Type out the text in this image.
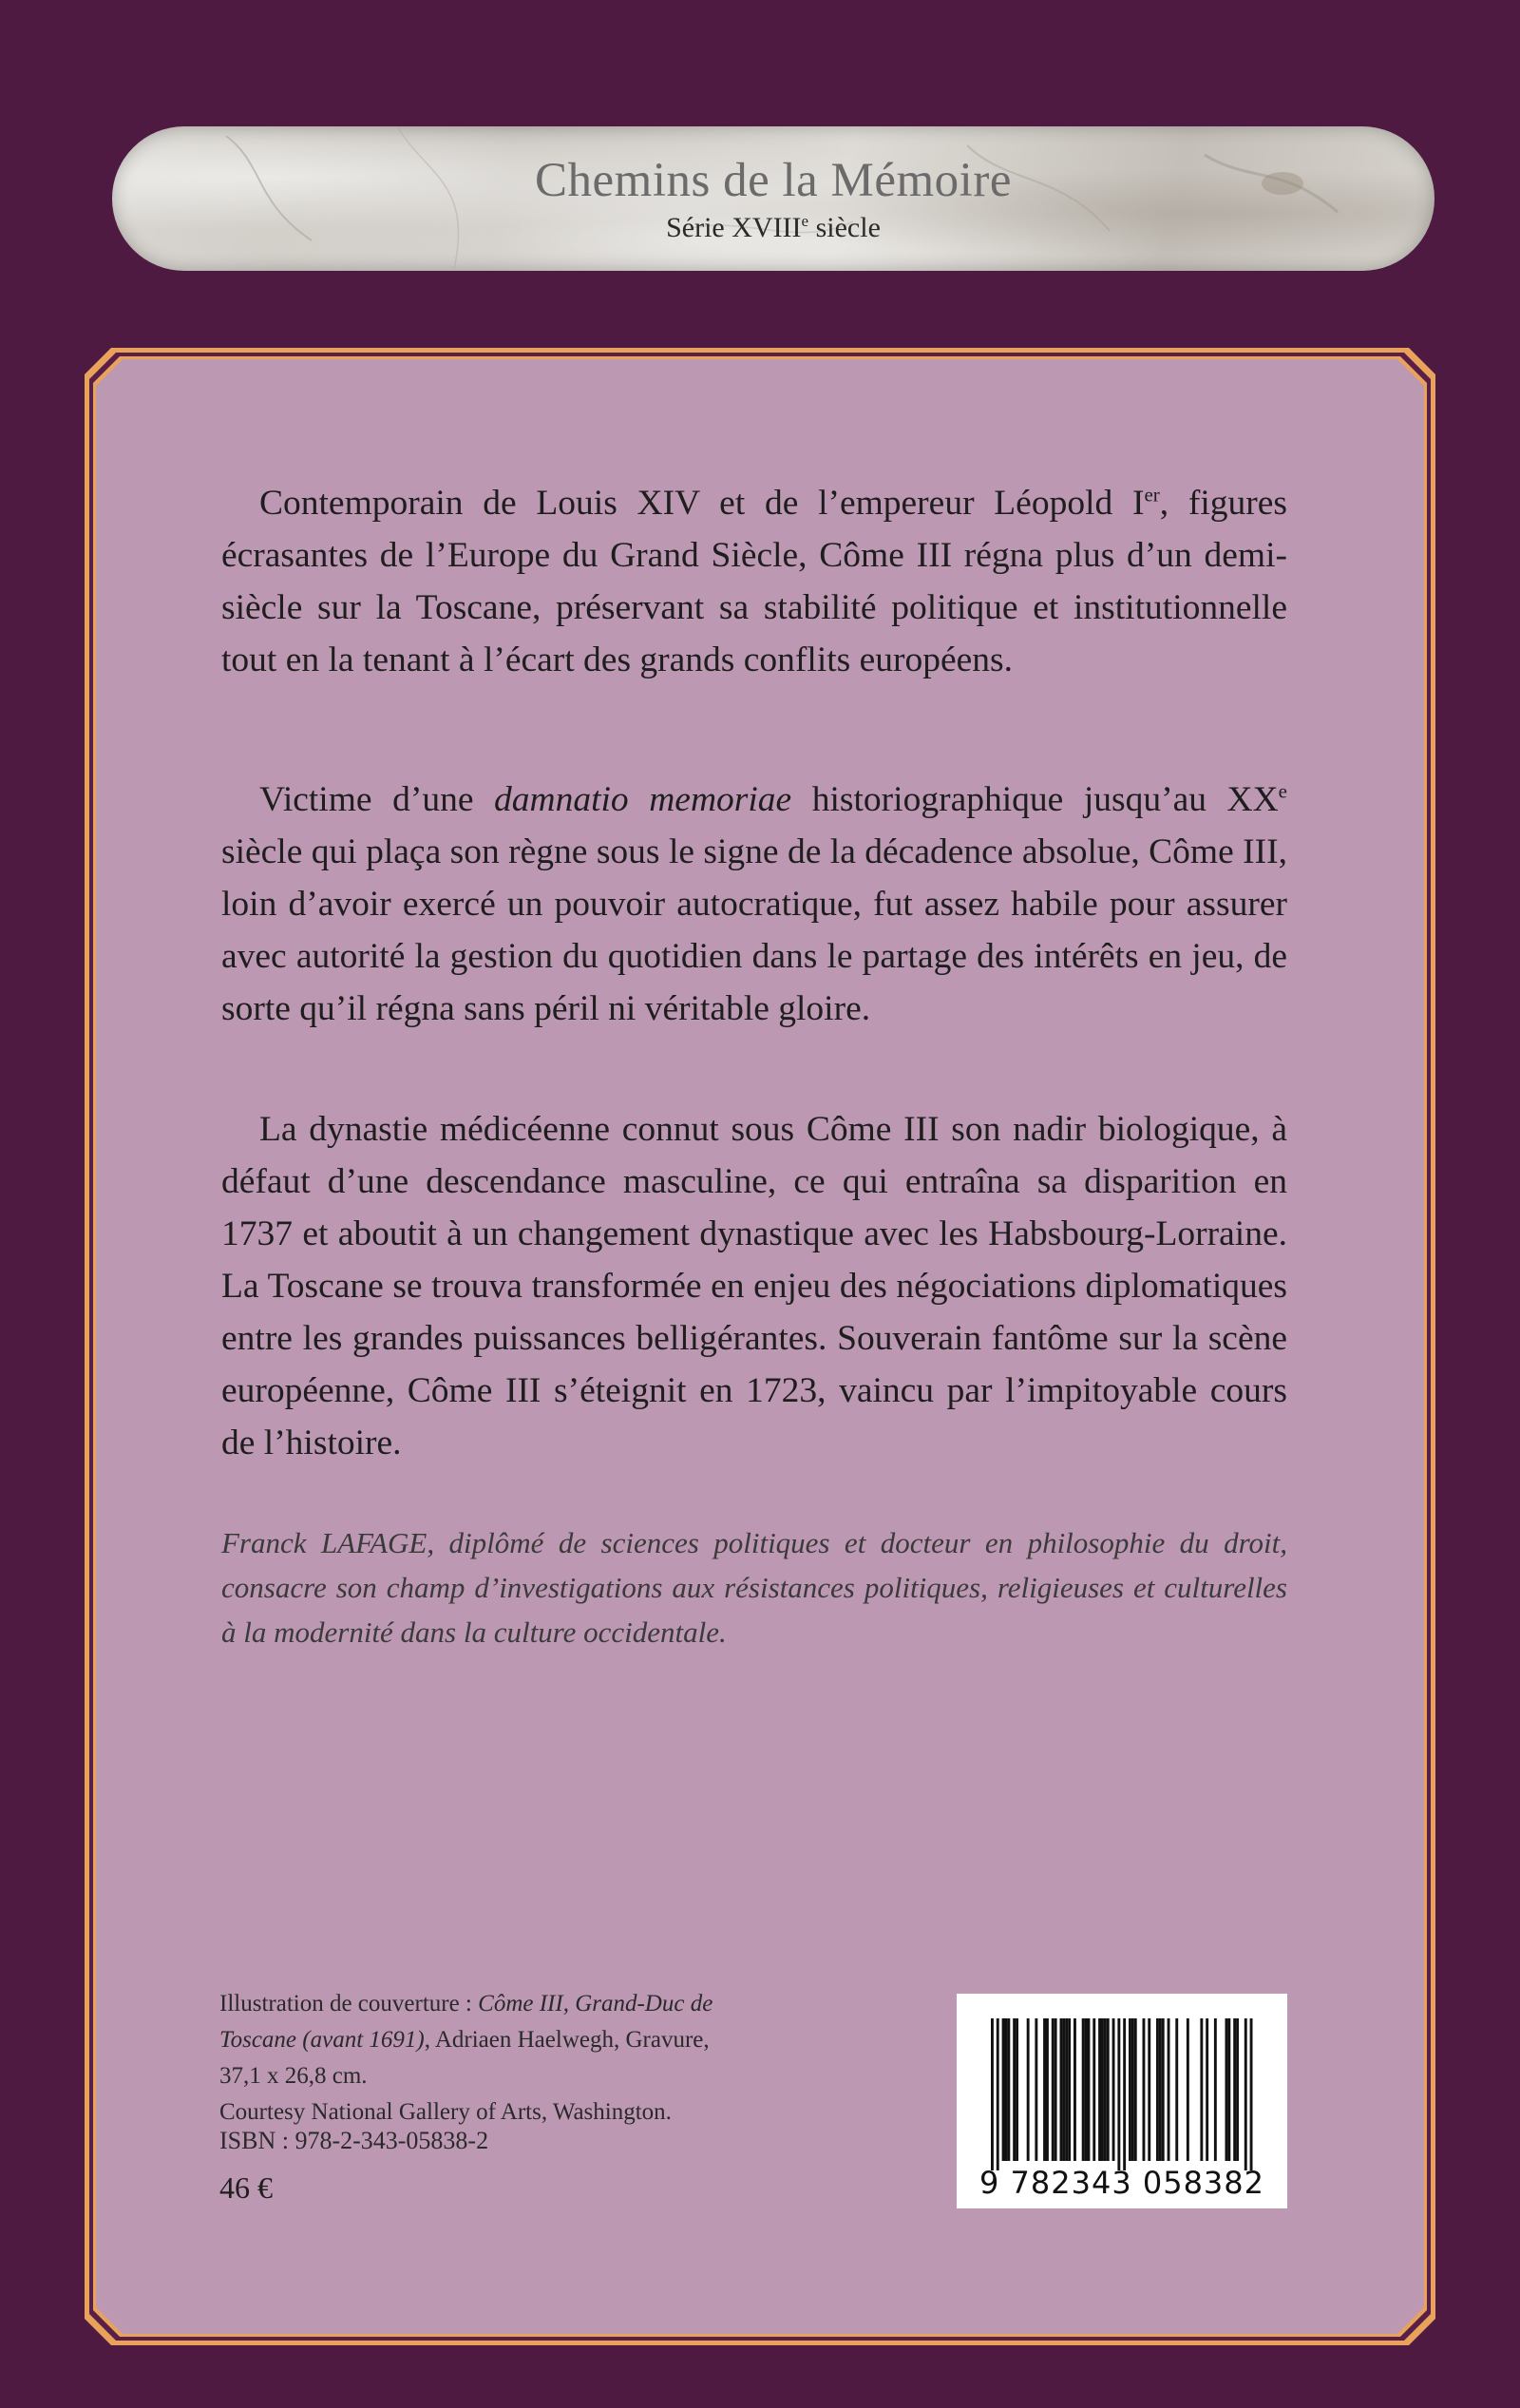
Chemins de la Mémoire
Série XVIIIe siècle

Contemporain de Louis XIV et de l’empereur Léopold Ier, figures écrasantes de l’Europe du Grand Siècle, Côme III régna plus d’un demi-siècle sur la Toscane, préservant sa stabilité politique et institutionnelle tout en la tenant à l’écart des grands conflits européens.

Victime d’une damnatio memoriae historiographique jusqu’au XXe siècle qui plaça son règne sous le signe de la décadence absolue, Côme III, loin d’avoir exercé un pouvoir autocratique, fut assez habile pour assurer avec autorité la gestion du quotidien dans le partage des intérêts en jeu, de sorte qu’il régna sans péril ni véritable gloire.

La dynastie médicéenne connut sous Côme III son nadir biologique, à défaut d’une descendance masculine, ce qui entraîna sa disparition en 1737 et aboutit à un changement dynastique avec les Habsbourg-Lorraine. La Toscane se trouva transformée en enjeu des négociations diplomatiques entre les grandes puissances belligérantes. Souverain fantôme sur la scène européenne, Côme III s’éteignit en 1723, vaincu par l’impitoyable cours de l’histoire.

Franck LAFAGE, diplômé de sciences politiques et docteur en philosophie du droit, consacre son champ d’investigations aux résistances politiques, religieuses et culturelles à la modernité dans la culture occidentale.

Illustration de couverture : Côme III, Grand-Duc de Toscane (avant 1691), Adriaen Haelwegh, Gravure, 37,1 x 26,8 cm.
Courtesy National Gallery of Arts, Washington.
ISBN : 978-2-343-05838-2
46 €	9 782343 058382
